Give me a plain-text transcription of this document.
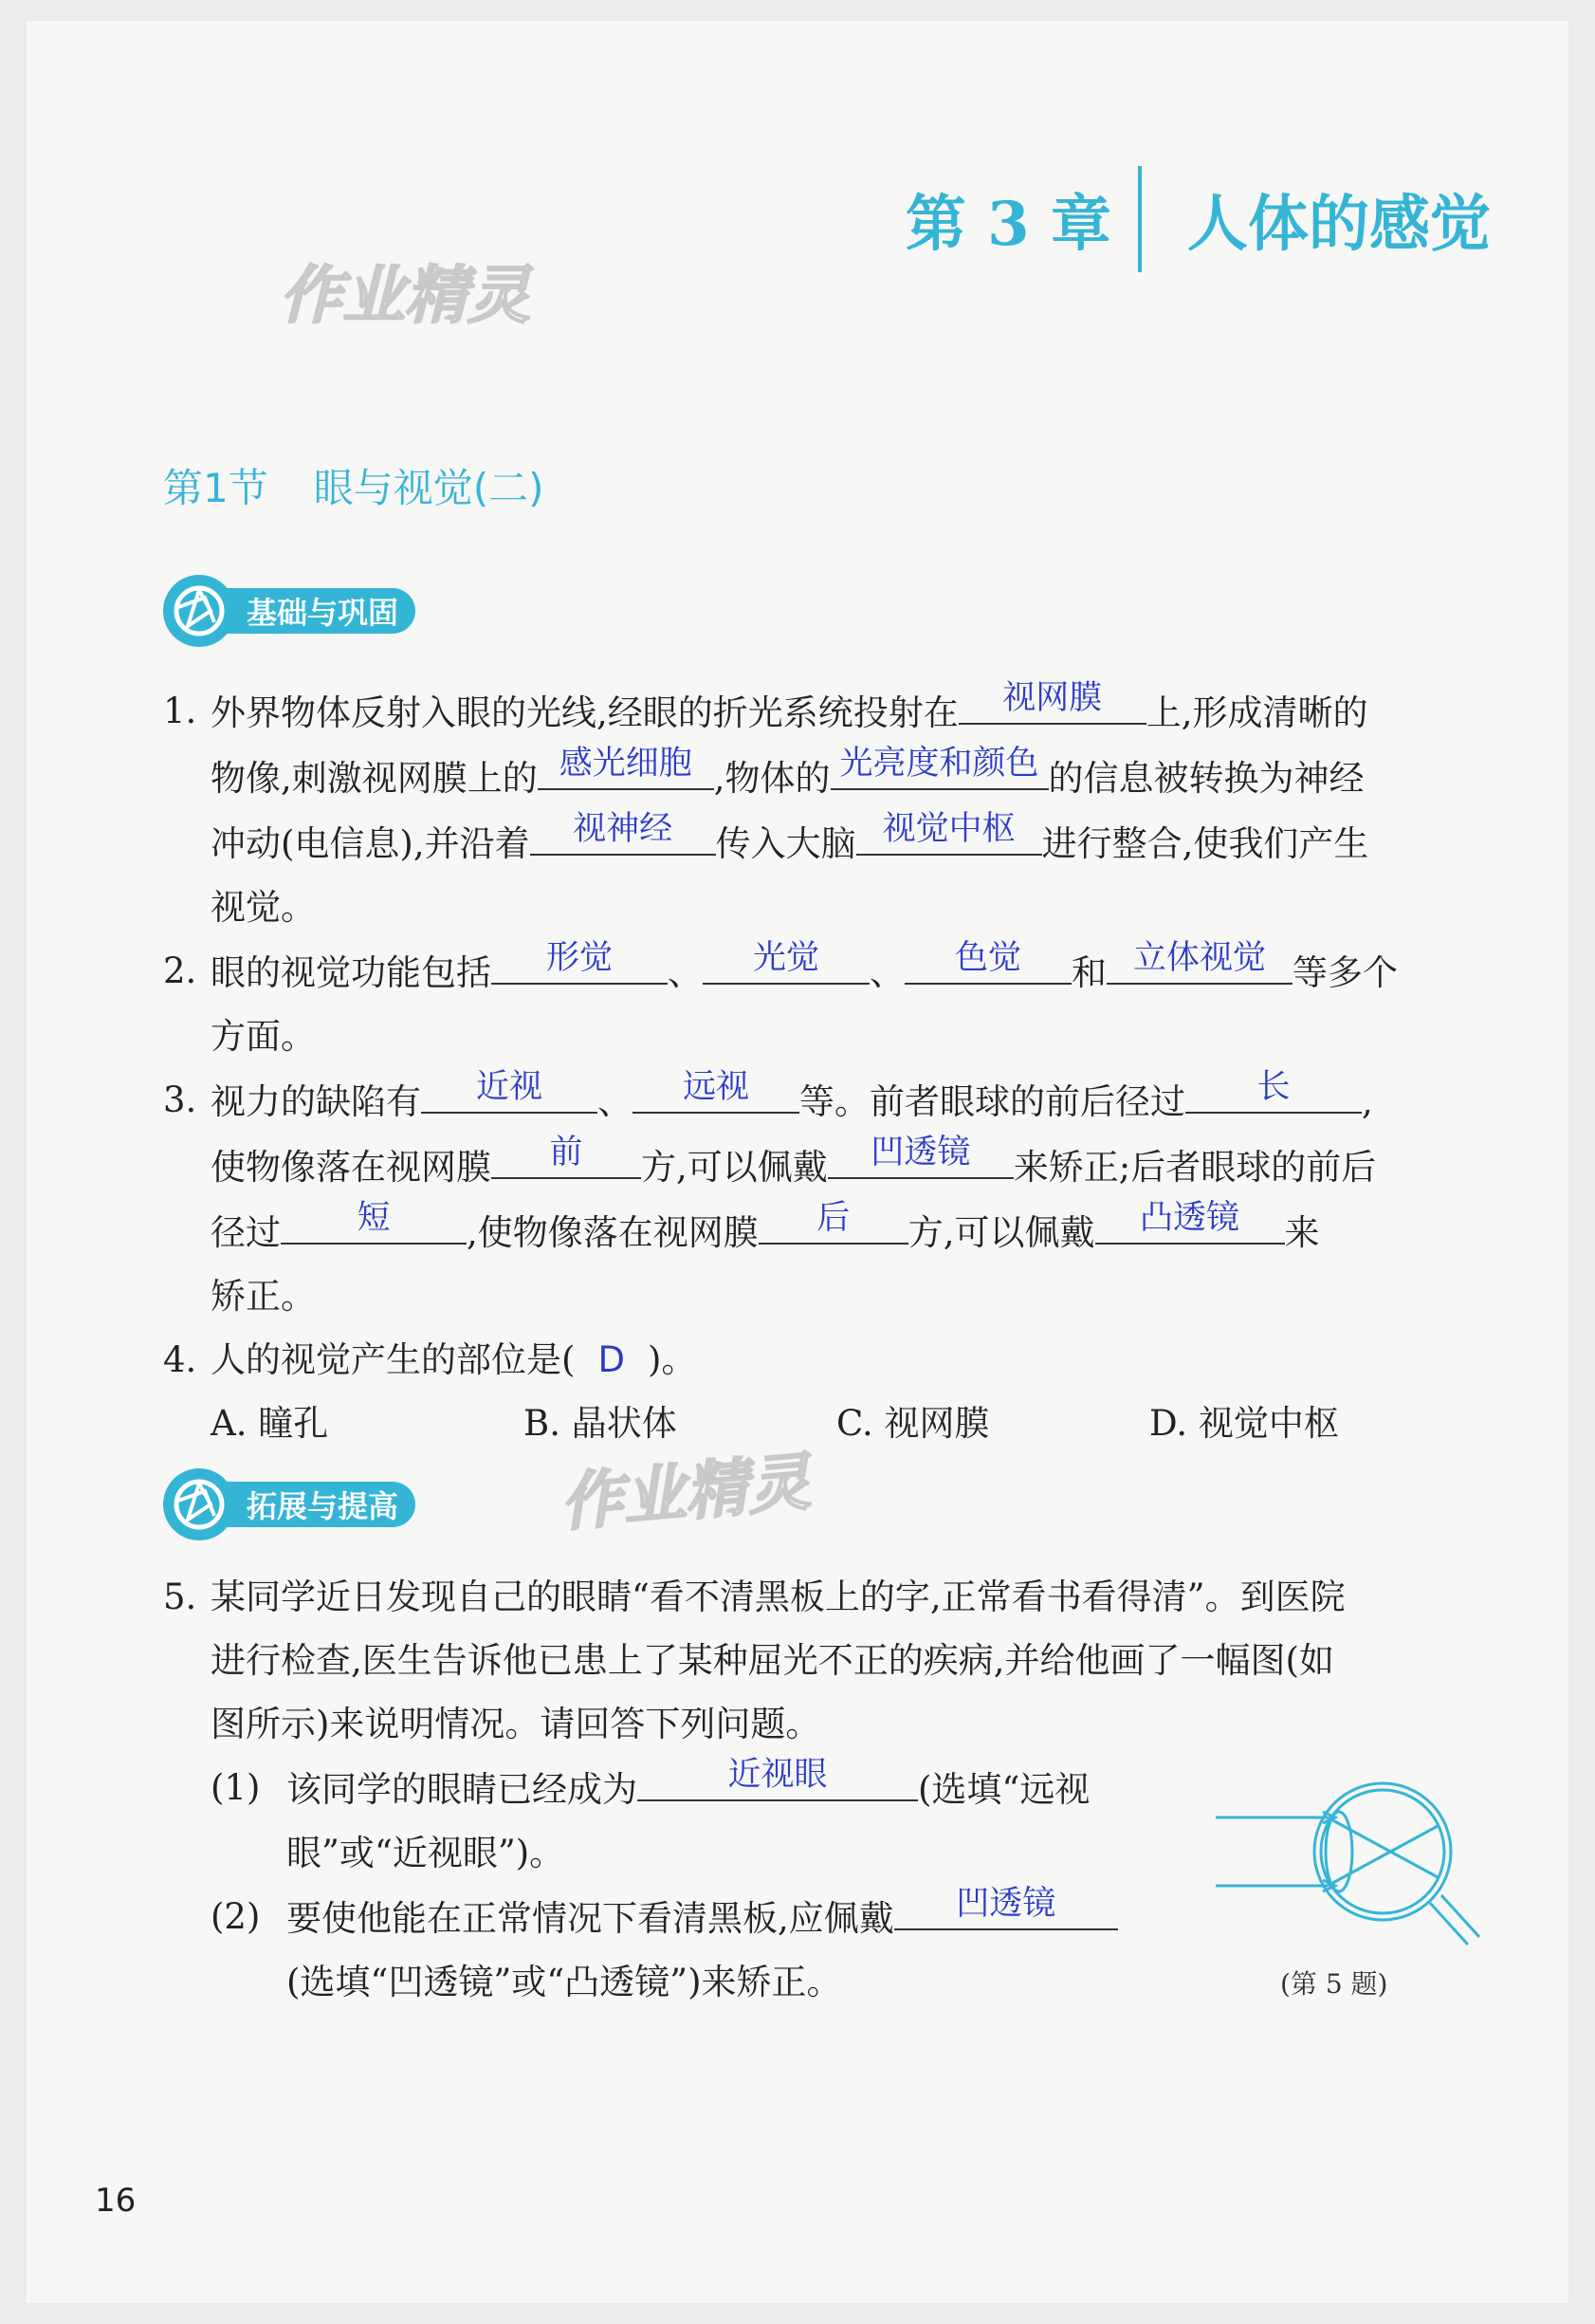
第 3 章 人体的感觉
作业精灵
作业精灵
第1节 眼与视觉(二)
基础与巩固
1. 外界物体反射入眼的光线,经眼的折光系统投射在	视网膜	上,形成清晰的
物像,刺激视网膜上的 感光细胞 ,物体的 光亮度和颜色 的信息被转换为神经
冲动(电信息),并沿着	视神经	传入大脑 视觉中枢 进行整合,使我们产生
视觉。
2. 眼的视觉功能包括	形觉	、	光觉	、	色觉	和 立体视觉 等多个
方面。
3. 视力的缺陷有	近视	、	远视	等。前者眼球的前后径过	长	,
使物像落在视网膜	前	方,可以佩戴	凹透镜	来矫正;后者眼球的前后
径过	短	,使物像落在视网膜	后	方,可以佩戴	凸透镜	来
矫正。
4. 人的视觉产生的部位是( D )。
A. 瞳孔	B. 晶状体	C. 视网膜	D. 视觉中枢
拓展与提高
5. 某同学近日发现自己的眼睛“看不清黑板上的字,正常看书看得清”。到医院
进行检查,医生告诉他已患上了某种屈光不正的疾病,并给他画了一幅图(如
图所示)来说明情况。请回答下列问题。
(1) 该同学的眼睛已经成为	近视眼	(选填“远视
眼”或“近视眼”)。
(2) 要使他能在正常情况下看清黑板,应佩戴	凹透镜

(选填“凹透镜”或“凸透镜”)来矫正。	(第 5 题)
16
